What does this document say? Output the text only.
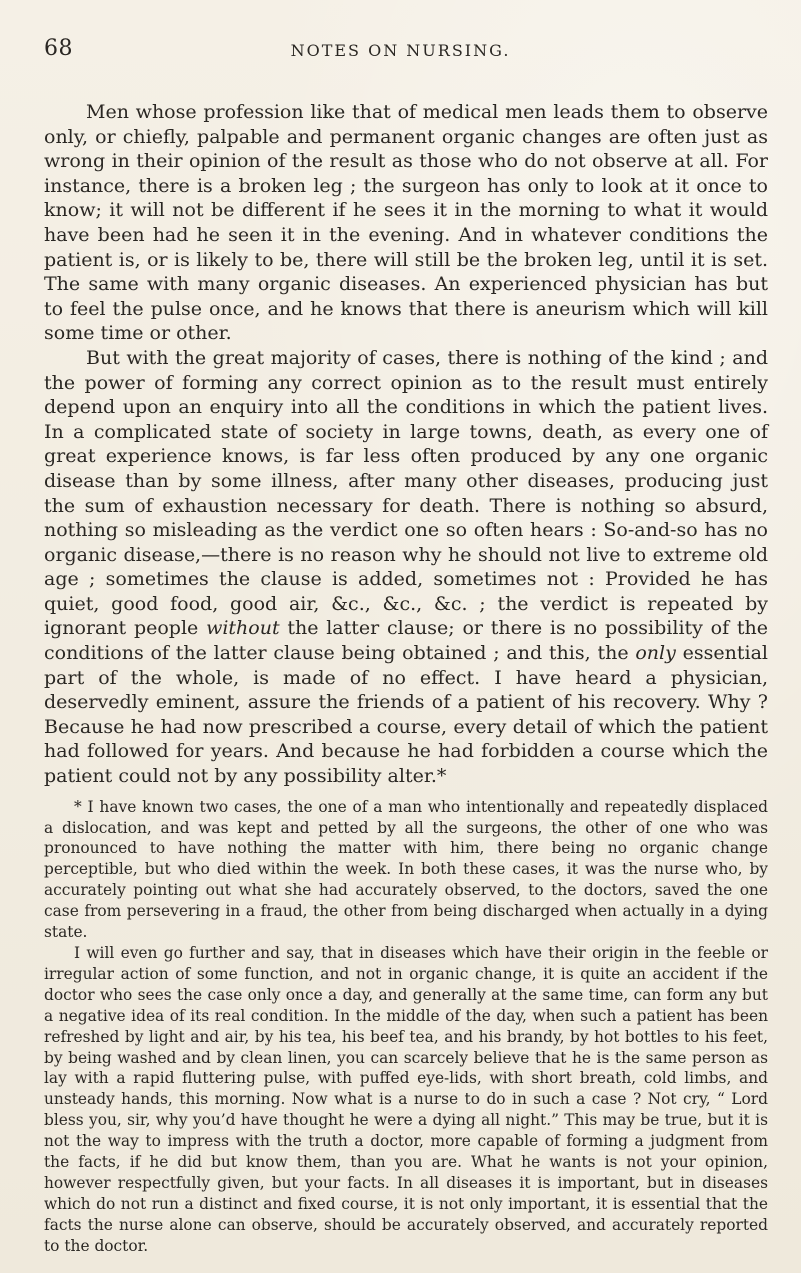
68	NOTES ON NURSING.

Men whose profession like that of medical men leads them to observe only, or chiefly, palpable and permanent organic changes are often just as wrong in their opinion of the result as those who do not observe at all. For instance, there is a broken leg ; the surgeon has only to look at it once to know; it will not be different if he sees it in the morning to what it would have been had he seen it in the evening. And in whatever conditions the patient is, or is likely to be, there will still be the broken leg, until it is set. The same with many organic diseases. An experienced physician has but to feel the pulse once, and he knows that there is aneurism which will kill some time or other.

But with the great majority of cases, there is nothing of the kind ; and the power of forming any correct opinion as to the result must entirely depend upon an enquiry into all the conditions in which the patient lives. In a complicated state of society in large towns, death, as every one of great experience knows, is far less often produced by any one organic disease than by some illness, after many other diseases, producing just the sum of exhaustion necessary for death. There is nothing so absurd, nothing so misleading as the verdict one so often hears : So-and-so has no organic disease,—there is no reason why he should not live to extreme old age ; sometimes the clause is added, sometimes not : Provided he has quiet, good food, good air, &c., &c., &c. ; the verdict is repeated by ignorant people without the latter clause; or there is no possibility of the conditions of the latter clause being obtained ; and this, the only essential part of the whole, is made of no effect. I have heard a physician, deservedly eminent, assure the friends of a patient of his recovery. Why ? Because he had now prescribed a course, every detail of which the patient had followed for years. And because he had forbidden a course which the patient could not by any possibility alter.*

* I have known two cases, the one of a man who intentionally and repeatedly displaced a dislocation, and was kept and petted by all the surgeons, the other of one who was pronounced to have nothing the matter with him, there being no organic change perceptible, but who died within the week. In both these cases, it was the nurse who, by accurately pointing out what she had accurately observed, to the doctors, saved the one case from persevering in a fraud, the other from being discharged when actually in a dying state.

I will even go further and say, that in diseases which have their origin in the feeble or irregular action of some function, and not in organic change, it is quite an accident if the doctor who sees the case only once a day, and generally at the same time, can form any but a negative idea of its real condition. In the middle of the day, when such a patient has been refreshed by light and air, by his tea, his beef tea, and his brandy, by hot bottles to his feet, by being washed and by clean linen, you can scarcely believe that he is the same person as lay with a rapid fluttering pulse, with puffed eye-lids, with short breath, cold limbs, and unsteady hands, this morning. Now what is a nurse to do in such a case ? Not cry, “ Lord bless you, sir, why you’d have thought he were a dying all night.” This may be true, but it is not the way to impress with the truth a doctor, more capable of forming a judgment from the facts, if he did but know them, than you are. What he wants is not your opinion, however respectfully given, but your facts. In all diseases it is important, but in diseases which do not run a distinct and fixed course, it is not only important, it is essential that the facts the nurse alone can observe, should be accurately observed, and accurately reported to the doctor.
